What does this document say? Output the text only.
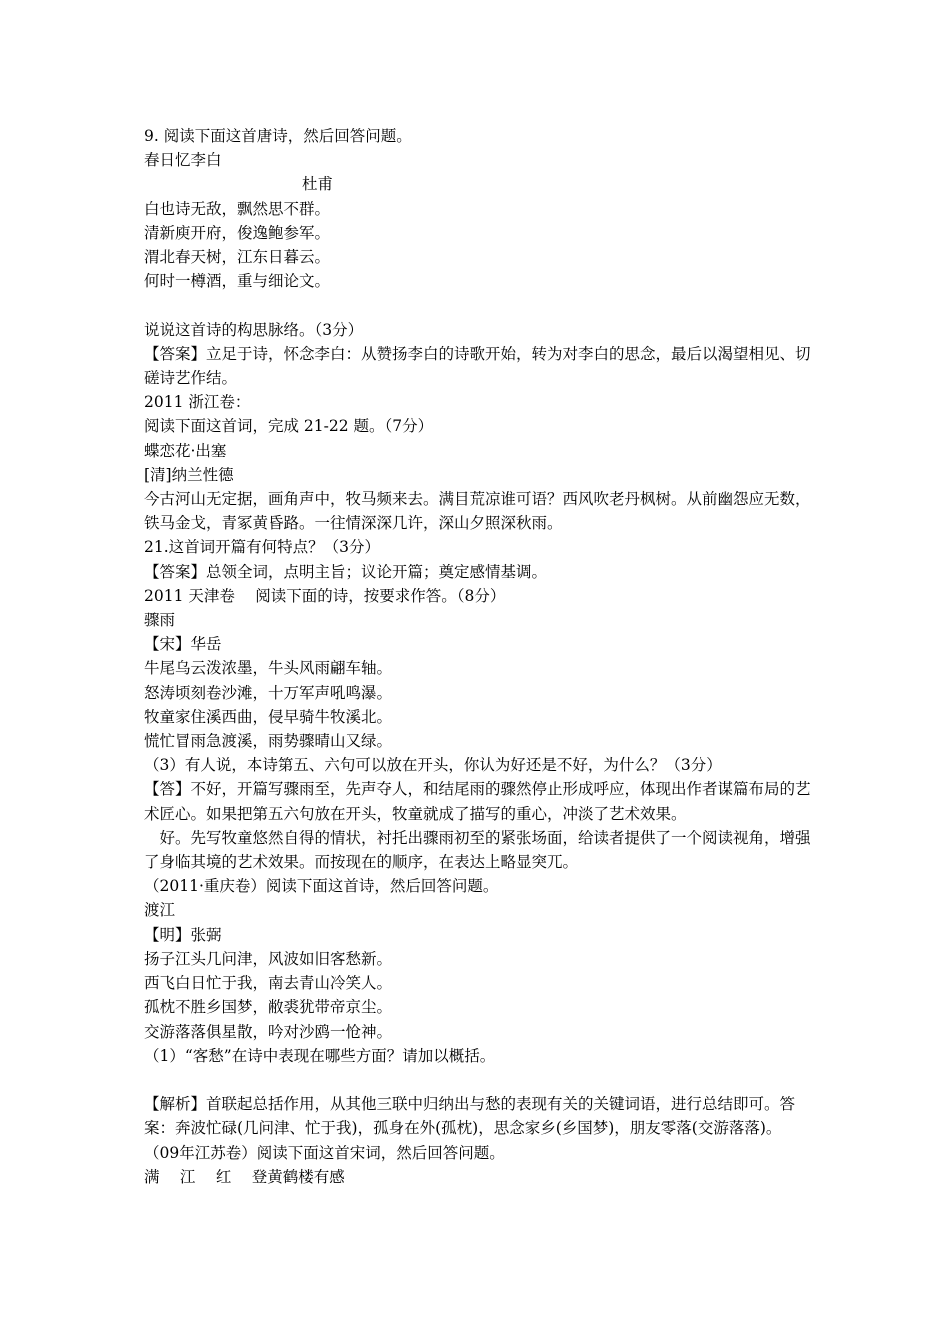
9. 阅读下面这首唐诗，然后回答问题。
春日忆李白
杜甫
白也诗无敌，飘然思不群。
清新庾开府，俊逸鲍参军。
渭北春天树，江东日暮云。
何时一樽酒，重与细论文。
说说这首诗的构思脉络。（3分）
【答案】立足于诗，怀念李白：从赞扬李白的诗歌开始，转为对李白的思念，最后以渴望相见、切磋诗艺作结。
2011 浙江卷：
阅读下面这首词，完成 21-22 题。（7分）
蝶恋花·出塞
[清]纳兰性德
今古河山无定据，画角声中，牧马频来去。满目荒凉谁可语？西风吹老丹枫树。从前幽怨应无数，铁马金戈，青冢黄昏路。一往情深深几许，深山夕照深秋雨。
21.这首词开篇有何特点？（3分）
【答案】总领全词，点明主旨；议论开篇；奠定感情基调。
2011 天津卷　 阅读下面的诗，按要求作答。（8分）
骤雨
【宋】华岳
牛尾乌云泼浓墨，牛头风雨翩车轴。
怒涛顷刻卷沙滩，十万军声吼鸣瀑。
牧童家住溪西曲，侵早骑牛牧溪北。
慌忙冒雨急渡溪，雨势骤晴山又绿。
（3）有人说，本诗第五、六句可以放在开头，你认为好还是不好，为什么？（3分）
【答】不好，开篇写骤雨至，先声夺人，和结尾雨的骤然停止形成呼应，体现出作者谋篇布局的艺术匠心。如果把第五六句放在开头，牧童就成了描写的重心，冲淡了艺术效果。
　好。先写牧童悠然自得的情状，衬托出骤雨初至的紧张场面，给读者提供了一个阅读视角，增强了身临其境的艺术效果。而按现在的顺序，在表达上略显突兀。
（2011·重庆卷）阅读下面这首诗，然后回答问题。
渡江
【明】张弼
扬子江头几问津，风波如旧客愁新。
西飞白日忙于我，南去青山冷笑人。
孤枕不胜乡国梦，敝裘犹带帝京尘。
交游落落俱星散，吟对沙鸥一怆神。
（1）“客愁”在诗中表现在哪些方面？请加以概括。
【解析】首联起总括作用，从其他三联中归纳出与愁的表现有关的关键词语，进行总结即可。答案：奔波忙碌(几问津、忙于我)，孤身在外(孤枕)，思念家乡(乡国梦)，朋友零落(交游落落)。
（09年江苏卷）阅读下面这首宋词，然后回答问题。
满　 江　 红　 登黄鹤楼有感
